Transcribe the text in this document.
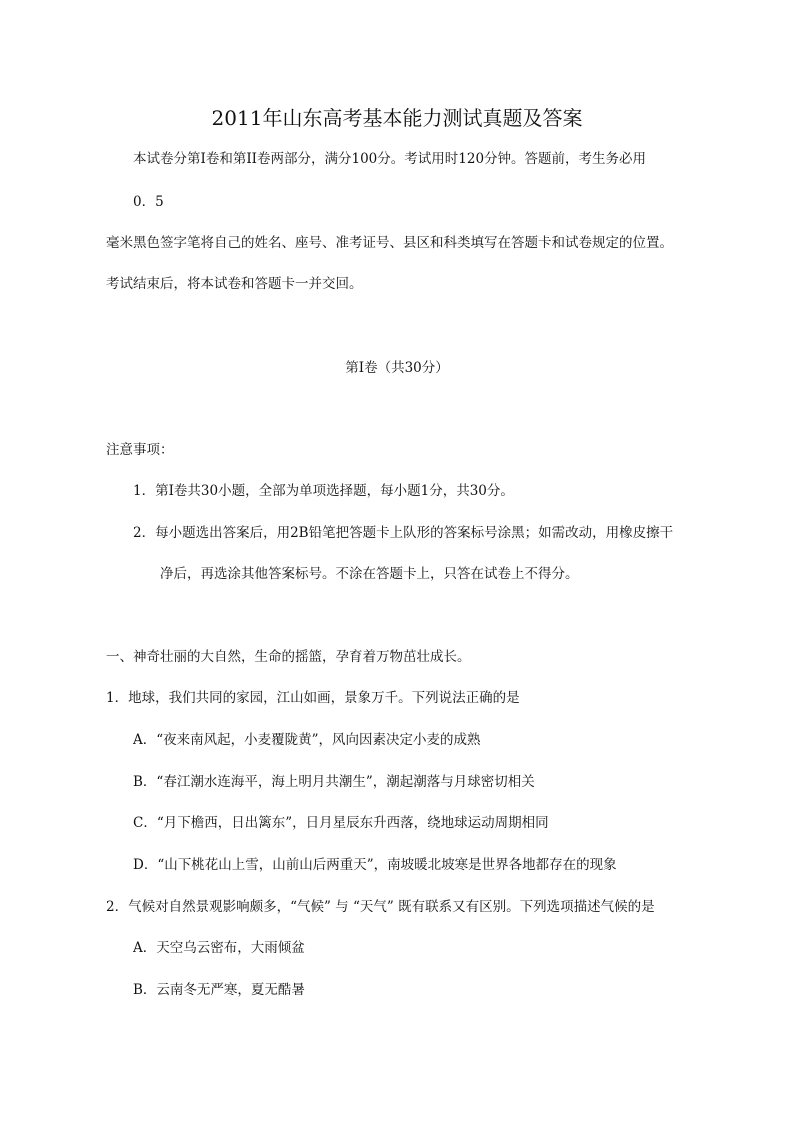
2011年山东高考基本能力测试真题及答案
本试卷分第I卷和第II卷两部分，满分100分。考试用时120分钟。答题前，考生务必用
0．5
毫米黑色签字笔将自己的姓名、座号、准考证号、县区和科类填写在答题卡和试卷规定的位置。
考试结束后，将本试卷和答题卡一并交回。
第I卷（共30分）
注意事项：
1．第I卷共30小题，全部为单项选择题，每小题1分，共30分。
2．每小题选出答案后，用2B铅笔把答题卡上队形的答案标号涂黑；如需改动，用橡皮擦干
净后，再选涂其他答案标号。不涂在答题卡上，只答在试卷上不得分。
一、神奇壮丽的大自然，生命的摇篮，孕育着万物茁壮成长。
1．地球，我们共同的家园，江山如画，景象万千。下列说法正确的是
A．“夜来南风起，小麦覆陇黄”，风向因素决定小麦的成熟
B．“春江潮水连海平，海上明月共潮生”，潮起潮落与月球密切相关
C．“月下檐西，日出篱东”，日月星辰东升西落，绕地球运动周期相同
D．“山下桃花山上雪，山前山后两重天”，南坡暖北坡寒是世界各地都存在的现象
2．气候对自然景观影响颇多，“气候” 与 “天气” 既有联系又有区别。下列选项描述气候的是
A．天空乌云密布，大雨倾盆
B．云南冬无严寒，夏无酷暑
